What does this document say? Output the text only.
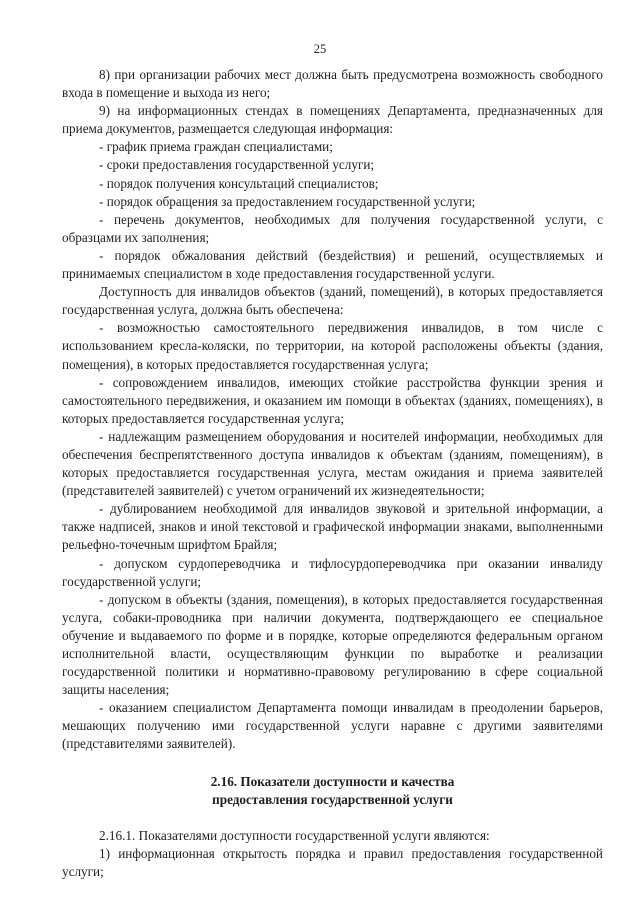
25

8) при организации рабочих мест должна быть предусмотрена возможность свободного входа в помещение и выхода из него;

9) на информационных стендах в помещениях Департамента, предназначенных для приема документов, размещается следующая информация:

- график приема граждан специалистами;

- сроки предоставления государственной услуги;

- порядок получения консультаций специалистов;

- порядок обращения за предоставлением государственной услуги;

- перечень документов, необходимых для получения государственной услуги, с образцами их заполнения;

- порядок обжалования действий (бездействия) и решений, осуществляемых и принимаемых специалистом в ходе предоставления государственной услуги.

Доступность для инвалидов объектов (зданий, помещений), в которых предоставляется государственная услуга, должна быть обеспечена:

- возможностью самостоятельного передвижения инвалидов, в том числе с использованием кресла-коляски, по территории, на которой расположены объекты (здания, помещения), в которых предоставляется государственная услуга;

- сопровождением инвалидов, имеющих стойкие расстройства функции зрения и самостоятельного передвижения, и оказанием им помощи в объектах (зданиях, помещениях), в которых предоставляется государственная услуга;

- надлежащим размещением оборудования и носителей информации, необходимых для обеспечения беспрепятственного доступа инвалидов к объектам (зданиям, помещениям), в которых предоставляется государственная услуга, местам ожидания и приема заявителей (представителей заявителей) с учетом ограничений их жизнедеятельности;

- дублированием необходимой для инвалидов звуковой и зрительной информации, а также надписей, знаков и иной текстовой и графической информации знаками, выполненными рельефно-точечным шрифтом Брайля;

- допуском сурдопереводчика и тифлосурдопереводчика при оказании инвалиду государственной услуги;

- допуском в объекты (здания, помещения), в которых предоставляется государственная услуга, собаки-проводника при наличии документа, подтверждающего ее специальное обучение и выдаваемого по форме и в порядке, которые определяются федеральным органом исполнительной власти, осуществляющим функции по выработке и реализации государственной политики и нормативно-правовому регулированию в сфере социальной защиты населения;

- оказанием специалистом Департамента помощи инвалидам в преодолении барьеров, мешающих получению ими государственной услуги наравне с другими заявителями (представителями заявителей).

2.16. Показатели доступности и качества
предоставления государственной услуги

2.16.1. Показателями доступности государственной услуги являются:

1) информационная открытость порядка и правил предоставления государственной услуги;
